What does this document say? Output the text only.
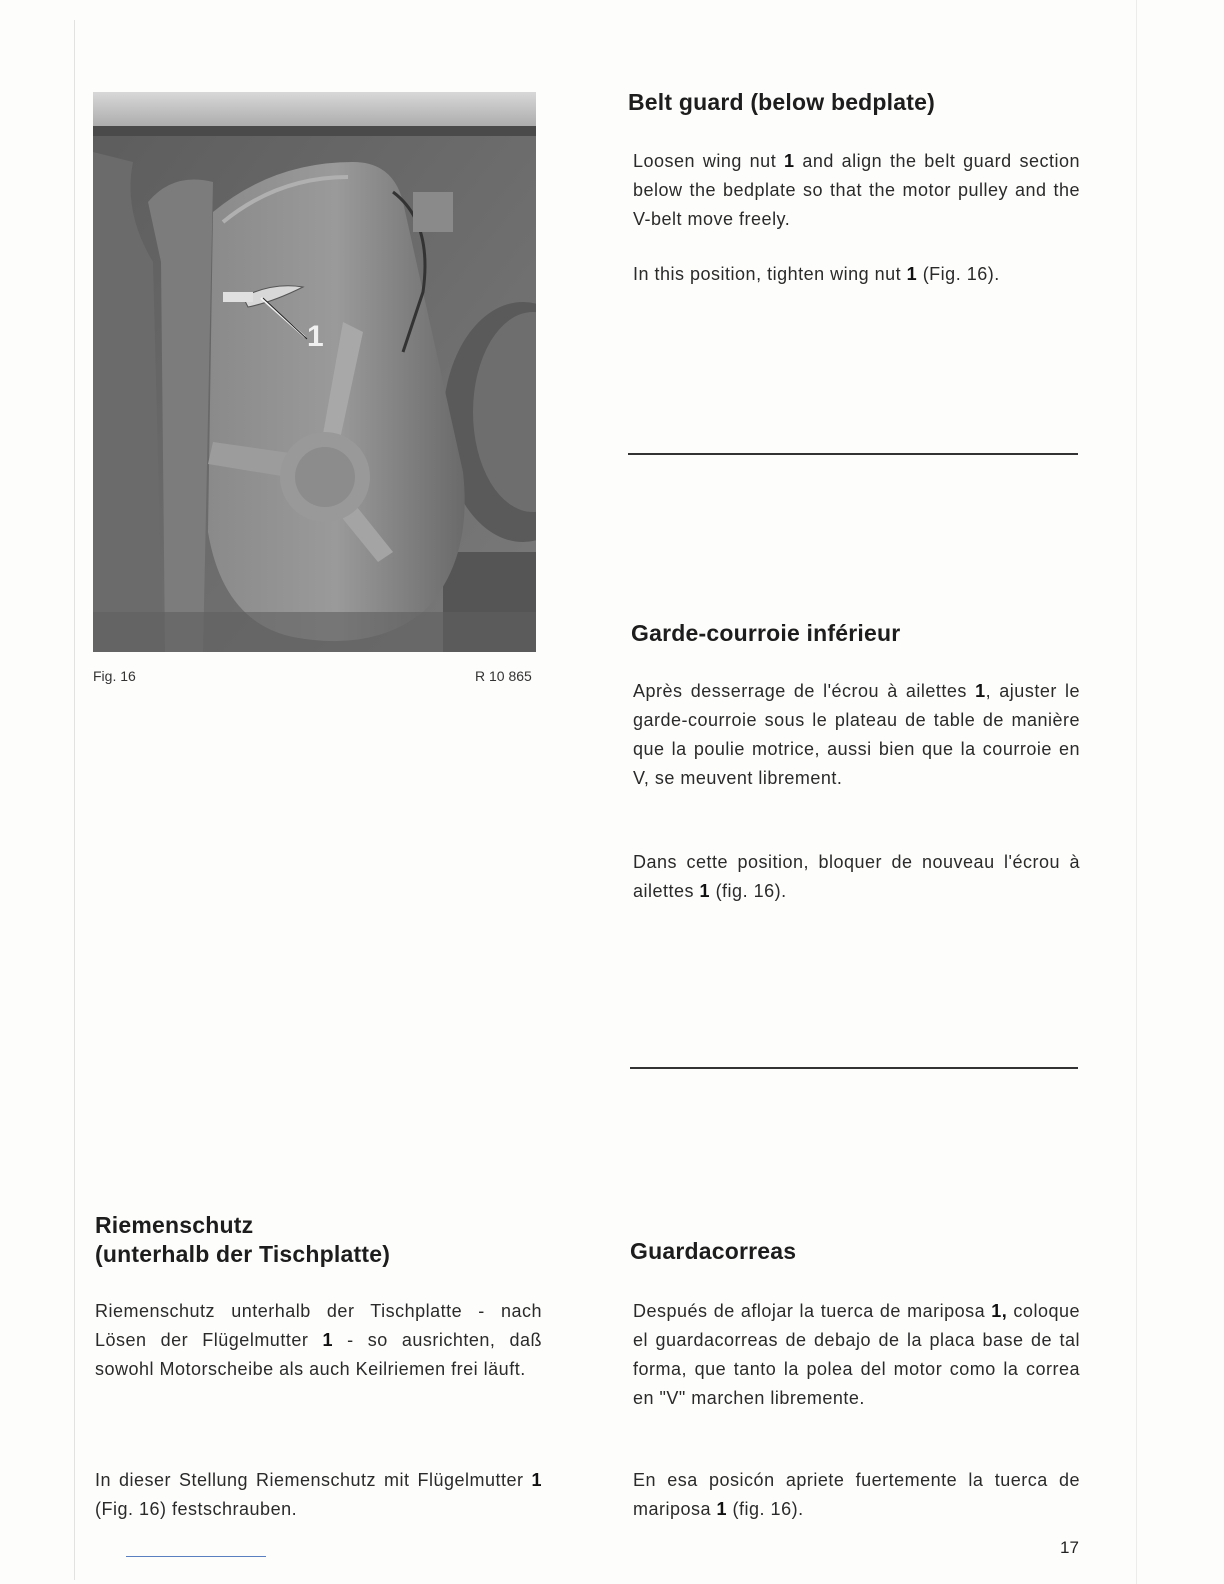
1
Fig. 16	R 10 865
Belt guard (below bedplate)

Loosen wing nut 1 and align the belt guard section below the bedplate so that the motor pulley and the V-belt move freely.

In this position, tighten wing nut 1 (Fig. 16).

Garde-courroie inférieur

Après desserrage de l'écrou à ailettes 1, ajuster le garde-courroie sous le plateau de table de manière que la poulie motrice, aussi bien que la courroie en V, se meuvent librement.

Dans cette position, bloquer de nouveau l'écrou à ailettes 1 (fig. 16).

Riemenschutz
(unterhalb der Tischplatte)

Riemenschutz unterhalb der Tischplatte - nach Lösen der Flügelmutter 1 - so ausrichten, daß sowohl Motorscheibe als auch Keilriemen frei läuft.

In dieser Stellung Riemenschutz mit Flügelmutter 1 (Fig. 16) festschrauben.

Guardacorreas

Después de aflojar la tuerca de mariposa 1, coloque el guardacorreas de debajo de la placa base de tal forma, que tanto la polea del motor como la correa en "V" marchen libremente.

En esa posicón apriete fuertemente la tuerca de mariposa 1 (fig. 16).

17
